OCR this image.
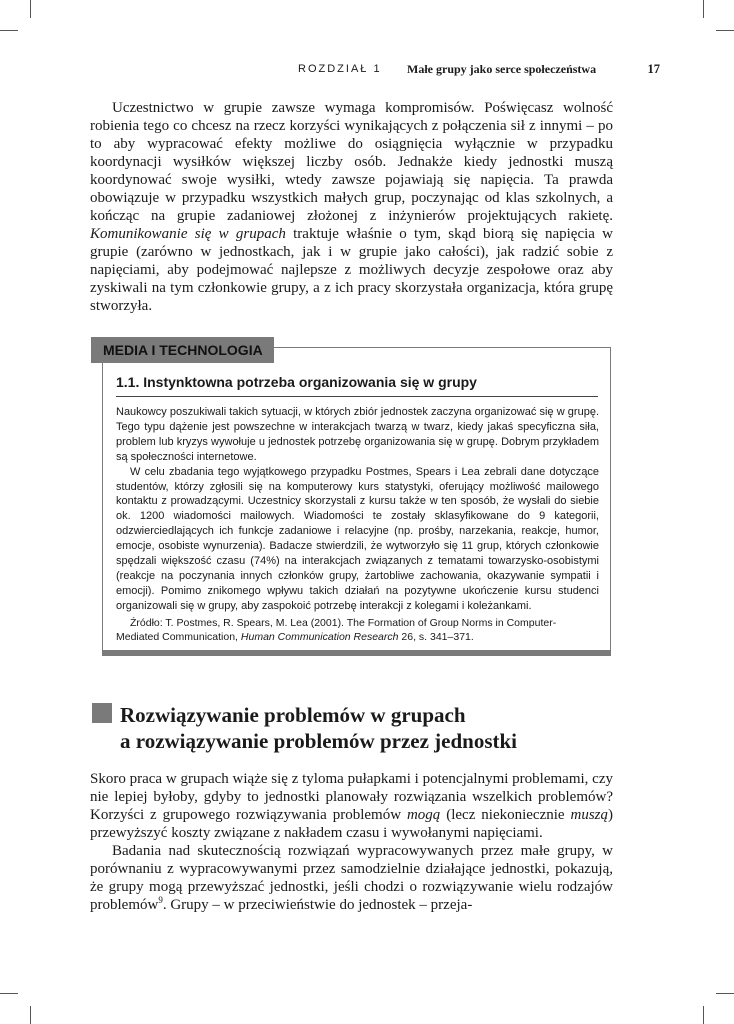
ROZDZIAŁ 1 Małe grupy jako serce społeczeństwa	17

Uczestnictwo w grupie zawsze wymaga kompromisów. Poświęcasz wolność robienia tego co chcesz na rzecz korzyści wynikających z połączenia sił z innymi – po to aby wypracować efekty możliwe do osiągnięcia wyłącznie w przypadku koordynacji wysiłków większej liczby osób. Jednakże kiedy jednostki muszą koordynować swoje wysiłki, wtedy zawsze pojawiają się napięcia. Ta prawda obowiązuje w przypadku wszystkich małych grup, poczynając od klas szkolnych, a kończąc na grupie zadaniowej złożonej z inżynierów projektujących rakietę. Komunikowanie się w grupach traktuje właśnie o tym, skąd biorą się napięcia w grupie (zarówno w jednostkach, jak i w grupie jako całości), jak radzić sobie z napięciami, aby podejmować najlepsze z możliwych decyzje zespołowe oraz aby zyskiwali na tym członkowie grupy, a z ich pracy skorzystała organizacja, która grupę stworzyła.

MEDIA I TECHNOLOGIA
1.1. Instynktowna potrzeba organizowania się w grupy

Naukowcy poszukiwali takich sytuacji, w których zbiór jednostek zaczyna organizować się w grupę. Tego typu dążenie jest powszechne w interakcjach twarzą w twarz, kiedy jakaś specyficzna siła, problem lub kryzys wywołuje u jednostek potrzebę organizowania się w grupę. Dobrym przykładem są społeczności internetowe.
W celu zbadania tego wyjątkowego przypadku Postmes, Spears i Lea zebrali dane dotyczące studentów, którzy zgłosili się na komputerowy kurs statystyki, oferujący możliwość mailowego kontaktu z prowadzącymi. Uczestnicy skorzystali z kursu także w ten sposób, że wysłali do siebie ok. 1200 wiadomości mailowych. Wiadomości te zostały sklasyfikowane do 9 kategorii, odzwierciedlających ich funkcje zadaniowe i relacyjne (np. prośby, narzekania, reakcje, humor, emocje, osobiste wynurzenia). Badacze stwierdzili, że wytworzyło się 11 grup, których członkowie spędzali większość czasu (74%) na interakcjach związanych z tematami towarzysko-osobistymi (reakcje na poczynania innych członków grupy, żartobliwe zachowania, okazywanie sympatii i emocji). Pomimo znikomego wpływu takich działań na pozytywne ukończenie kursu studenci organizowali się w grupy, aby zaspokoić potrzebę interakcji z kolegami i koleżankami.

Źródło: T. Postmes, R. Spears, M. Lea (2001). The Formation of Group Norms in Computer-Mediated Communication, Human Communication Research 26, s. 341–371.

Rozwiązywanie problemów w grupach
a rozwiązywanie problemów przez jednostki

Skoro praca w grupach wiąże się z tyloma pułapkami i potencjalnymi problemami, czy nie lepiej byłoby, gdyby to jednostki planowały rozwiązania wszelkich problemów? Korzyści z grupowego rozwiązywania problemów mogą (lecz niekoniecznie muszą) przewyższyć koszty związane z nakładem czasu i wywołanymi napięciami.

Badania nad skutecznością rozwiązań wypracowywanych przez małe grupy, w porównaniu z wypracowywanymi przez samodzielnie działające jednostki, pokazują, że grupy mogą przewyższać jednostki, jeśli chodzi o rozwiązywanie wielu rodzajów problemów$^9$. Grupy – w przeciwieństwie do jednostek – przeja-
